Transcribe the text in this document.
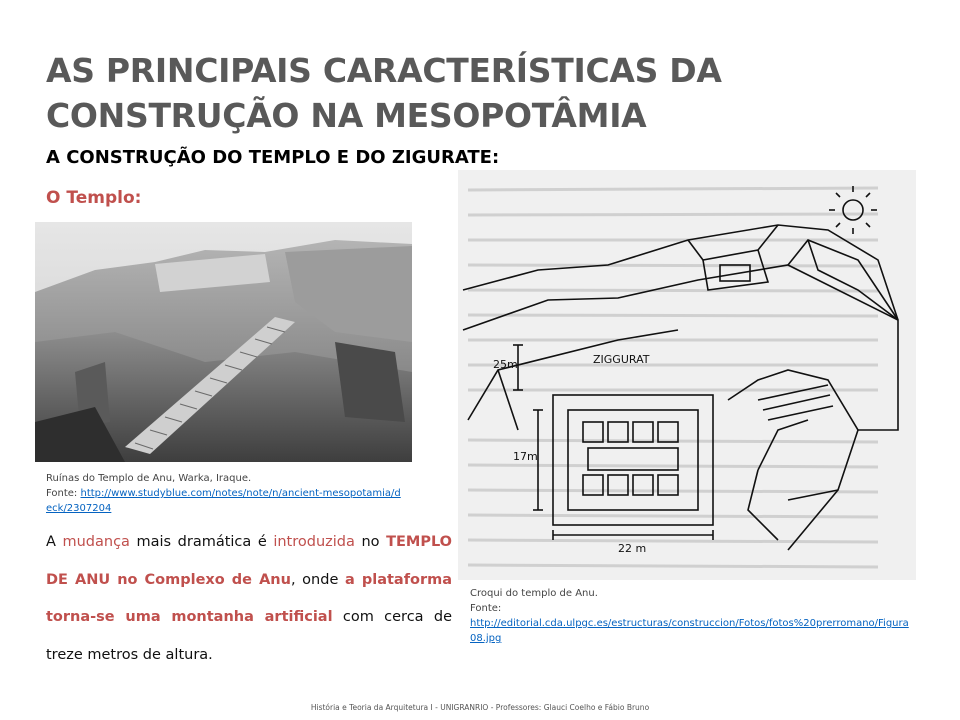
AS PRINCIPAIS CARACTERÍSTICAS DA
CONSTRUÇÃO NA MESOPOTÂMIA
A CONSTRUÇÃO DO TEMPLO E DO ZIGURATE:
O Templo:
Ruínas do Templo de Anu, Warka, Iraque.
Fonte: http://www.studyblue.com/notes/note/n/ancient-mesopotamia/deck/2307204
25m	ZIGGURAT
17m
22 m
Croqui do templo de Anu.
Fonte:
http://editorial.cda.ulpgc.es/estructuras/construccion/Fotos/fotos%20prerromano/Figura08.jpg
A mudança mais dramática é introduzida no TEMPLO DE ANU no Complexo de Anu, onde a plataforma torna-se uma montanha artificial com cerca de treze metros de altura.
História e Teoria da Arquitetura I - UNIGRANRIO - Professores: Glauci Coelho e Fábio Bruno
